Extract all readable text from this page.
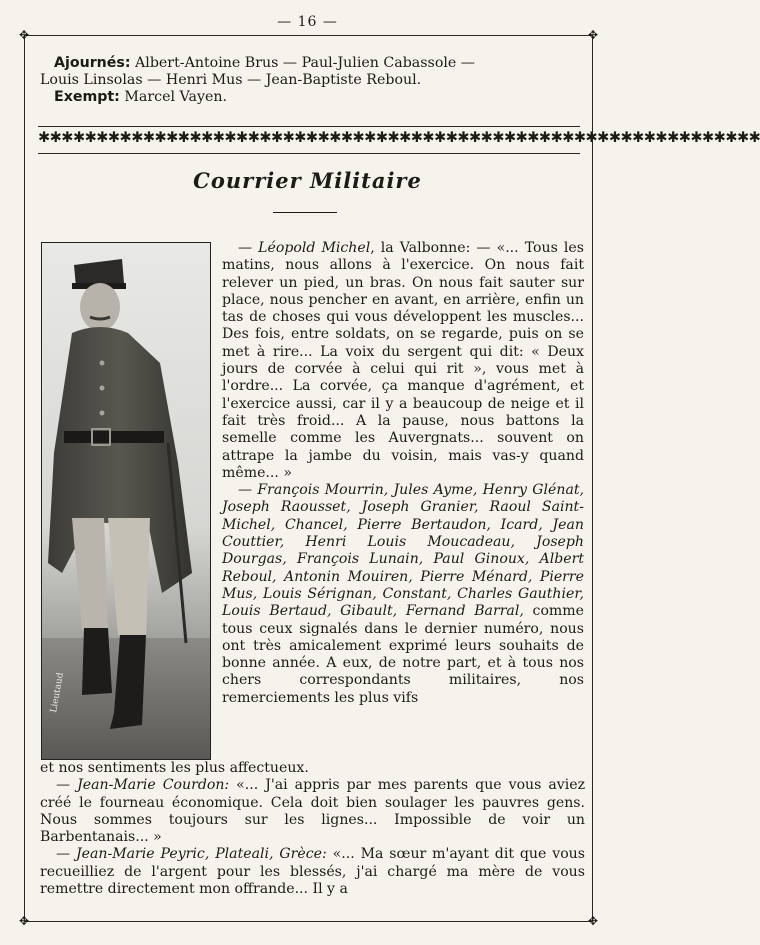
— 16 —
✥	✥
✥	✥
Ajournés: Albert-Antoine Brus — Paul-Julien Cabassole —
Louis Linsolas — Henri Mus — Jean-Baptiste Reboul.
Exempt: Marcel Vayen.
✱✱✱✱✱✱✱✱✱✱✱✱✱✱✱✱✱✱✱✱✱✱✱✱✱✱✱✱✱✱✱✱✱✱✱✱✱✱✱✱✱✱✱✱✱✱✱✱✱✱✱✱✱✱✱✱✱✱✱✱✱✱
Courrier Militaire
Lieutaud

— Léopold Michel, la Valbonne: — «... Tous les matins, nous allons à l'exercice. On nous fait relever un pied, un bras. On nous fait sauter sur place, nous pencher en avant, en arrière, enfin un tas de choses qui vous développent les muscles... Des fois, entre soldats, on se regarde, puis on se met à rire... La voix du sergent qui dit: « Deux jours de corvée à celui qui rit », vous met à l'ordre... La corvée, ça manque d'agrément, et l'exercice aussi, car il y a beaucoup de neige et il fait très froid... A la pause, nous battons la semelle comme les Auvergnats... souvent on attrape la jambe du voisin, mais vas-y quand même... »

— François Mourrin, Jules Ayme, Henry Glénat, Joseph Raousset, Joseph Granier, Raoul Saint-Michel, Chancel, Pierre Bertaudon, Icard, Jean Couttier, Henri Louis Moucadeau, Joseph Dourgas, François Lunain, Paul Ginoux, Albert Reboul, Antonin Mouiren, Pierre Ménard, Pierre Mus, Louis Sérignan, Constant, Charles Gauthier, Louis Bertaud, Gibault, Fernand Barral, comme tous ceux signalés dans le dernier numéro, nous ont très amicalement exprimé leurs souhaits de bonne année. A eux, de notre part, et à tous nos chers correspondants militaires, nos remerciements les plus vifs

et nos sentiments les plus affectueux.

— Jean-Marie Courdon: «... J'ai appris par mes parents que vous aviez créé le fourneau économique. Cela doit bien soulager les pauvres gens. Nous sommes toujours sur les lignes... Impossible de voir un Barbentanais... »

— Jean-Marie Peyric, Plateali, Grèce: «... Ma sœur m'ayant dit que vous recueilliez de l'argent pour les blessés, j'ai chargé ma mère de vous remettre directement mon offrande... Il y a
